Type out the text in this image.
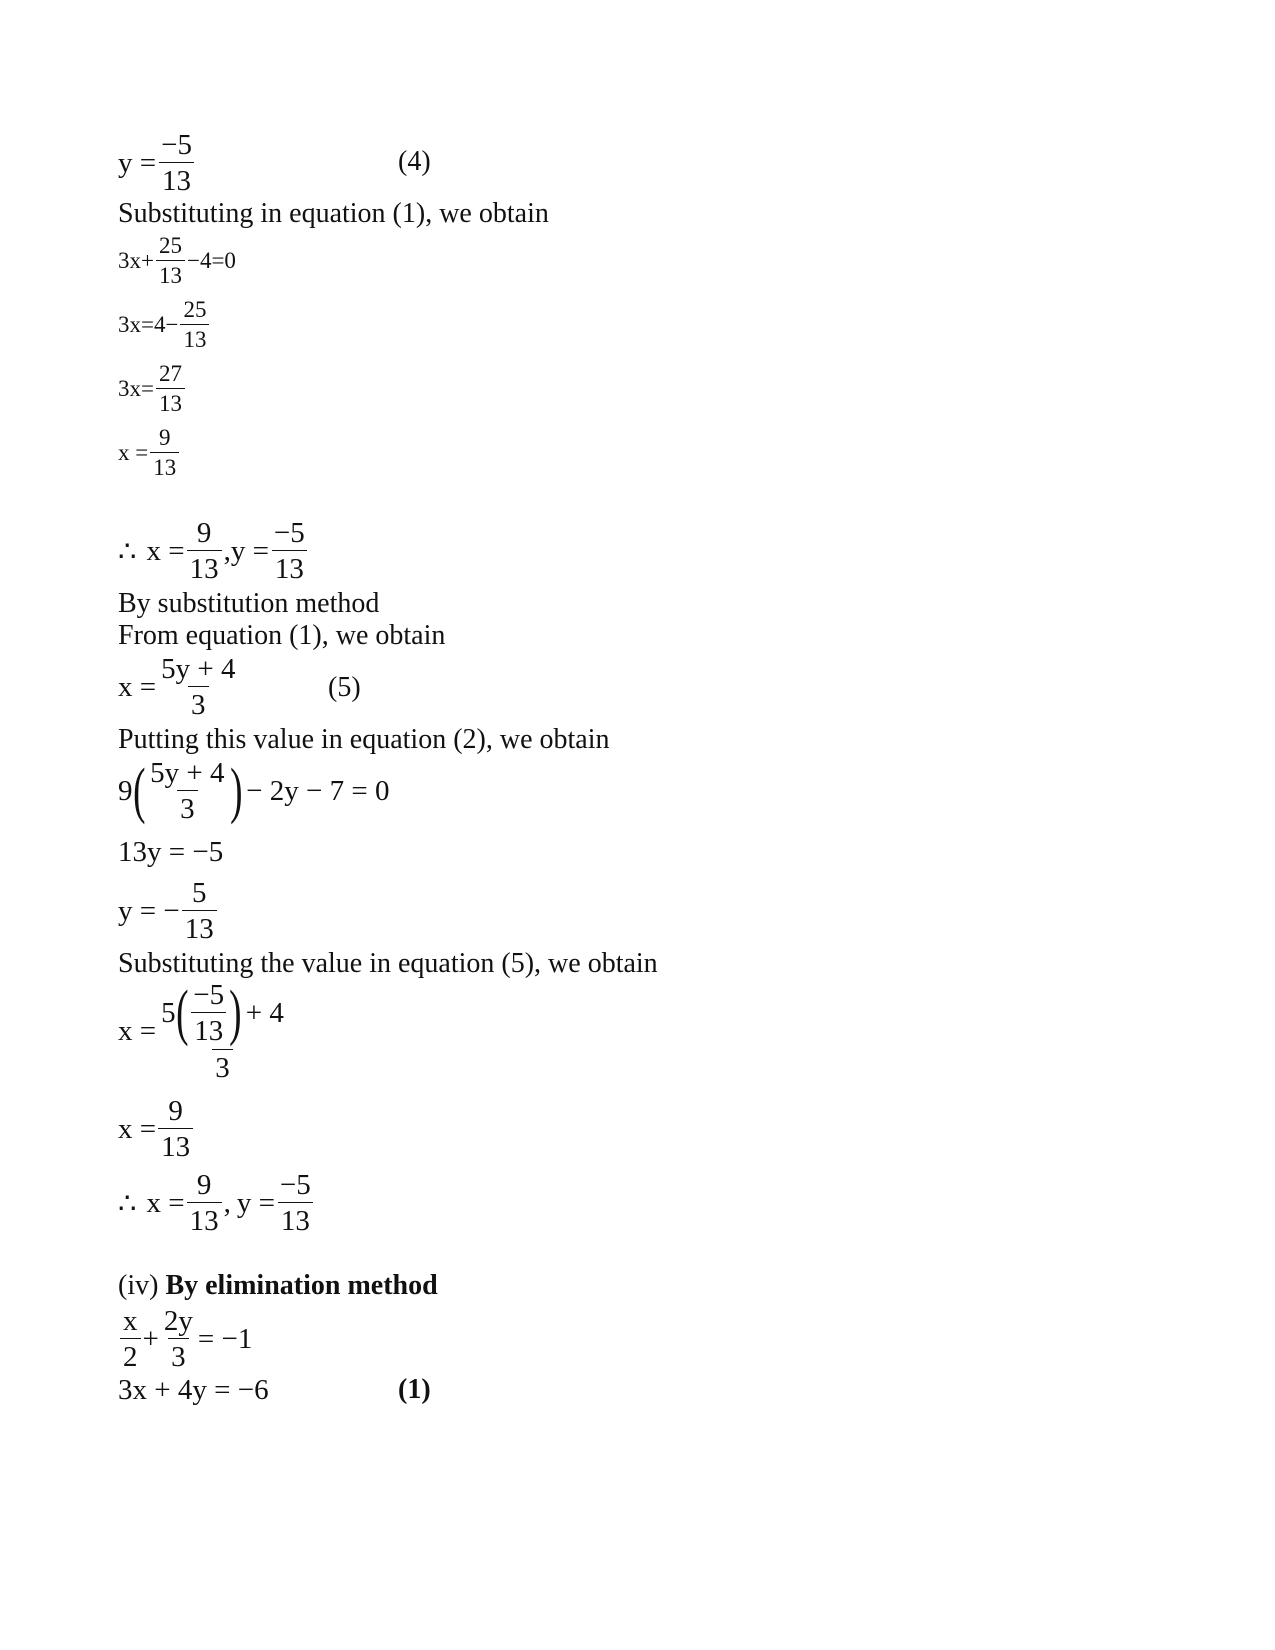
$y = \frac{-5}{13}$	(4)
Substituting in equation (1), we obtain
$3x+ \frac{25}{13} -4=0$
$3x=4- \frac{25}{13}$
$3x= \frac{27}{13}$
$x = \frac{9}{13}$
∴ $x = \frac{9}{13}$ , $y = \frac{-5}{13}$
By substitution method
From equation (1), we obtain
$x = \frac{5y + 4}{3}$	(5)
Putting this value in equation (2), we obtain
9 ( $\frac{5y + 4}{3}$ ) − 2y − 7 = 0
13y = −5
y = − $\frac{5}{13}$
Substituting the value in equation (5), we obtain
x =
5 ( $\frac{-5}{13}$ ) + 4
3
$x = \frac{9}{13}$
∴ $x = \frac{9}{13}$ , $y = \frac{-5}{13}$
(iv) By elimination method
$\frac{x}{2} + \frac{2y}{3} = -1$
3x + 4y = −6	(1)
